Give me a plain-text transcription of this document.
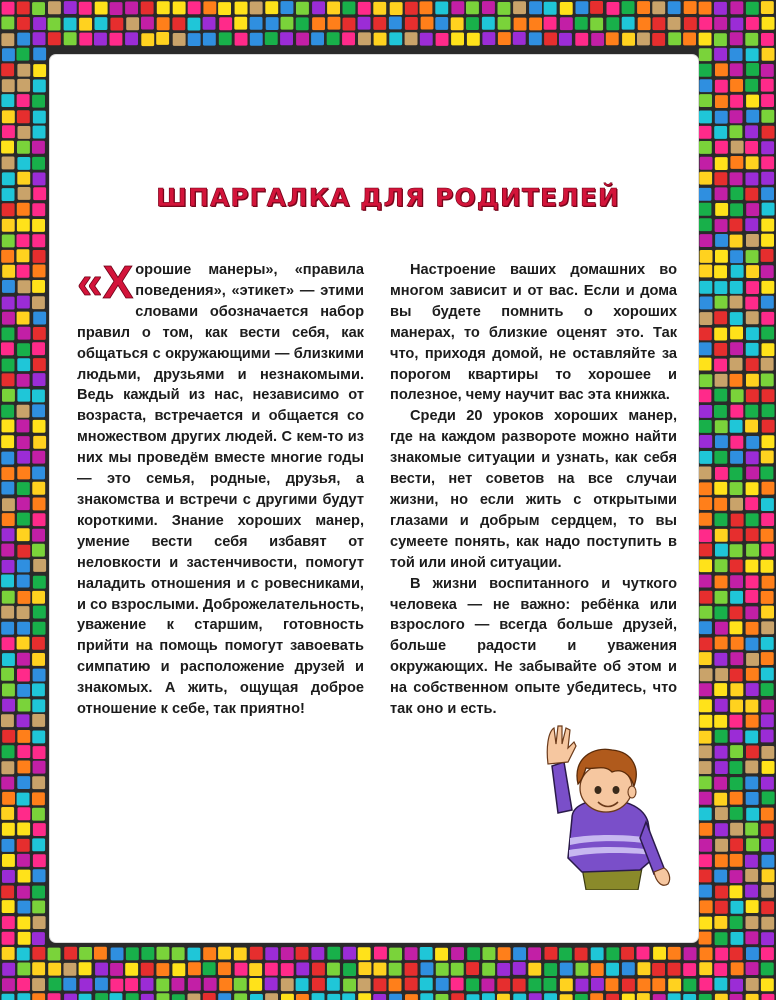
ШПАРГАЛКА ДЛЯ РОДИТЕЛЕЙ

«Хорошие манеры», «правила поведения», «этикет» — этими словами обозначается набор правил о том, как вести себя, как общаться с окружающими — близкими людьми, друзьями и незнакомыми. Ведь каждый из нас, независимо от возраста, встречается и общается со множеством других людей. С кем-то из них мы проведём вместе многие годы — это семья, родные, друзья, а знакомства и встречи с другими будут короткими. Знание хороших манер, умение вести себя избавят от неловкости и застенчивости, помогут наладить отношения и с ровесниками, и со взрослыми. Доброжелательность, уважение к старшим, готовность прийти на помощь помогут завоевать симпатию и расположение друзей и знакомых. А жить, ощущая доброе отношение к себе, так приятно!

Настроение ваших домашних во многом зависит и от вас. Если и дома вы будете помнить о хороших манерах, то близкие оценят это. Так что, приходя домой, не оставляйте за порогом квартиры то хорошее и полезное, чему научит вас эта книжка.

Среди 20 уроков хороших манер, где на каждом развороте можно найти знакомые ситуации и узнать, как себя вести, нет советов на все случаи жизни, но если жить с открытыми глазами и добрым сердцем, то вы сумеете понять, как надо поступить в той или иной ситуации.

В жизни воспитанного и чуткого человека — не важно: ребёнка или взрослого — всегда больше друзей, больше радости и уважения окружающих. Не забывайте об этом и на собственном опыте убедитесь, что так оно и есть.
